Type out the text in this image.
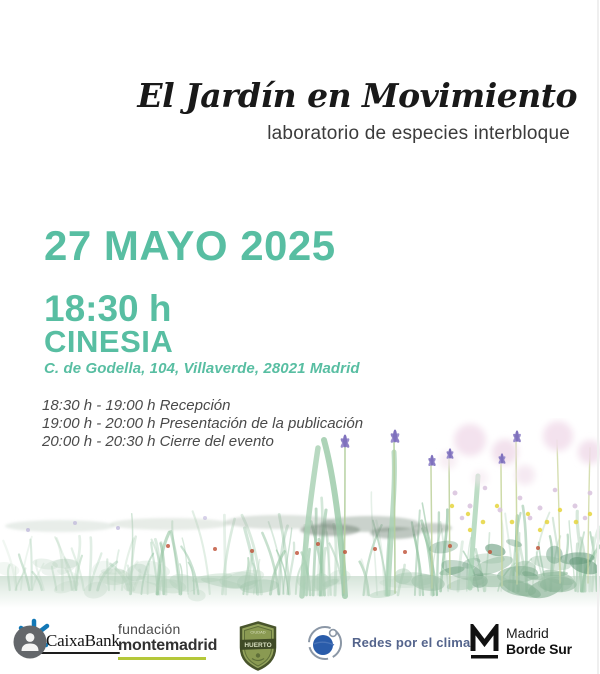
El Jardín en Movimiento
laboratorio de especies interbloque
27 MAYO 2025
18:30 h
CINESIA
C. de Godella, 104, Villaverde, 28021 Madrid
18:30 h - 19:00 h Recepción
19:00 h - 20:00 h Presentación de la publicación
20:00 h - 20:30 h Cierre del evento
CaixaBank
fundación
montemadrid
CIUDAD
HUERTO	Redes por el clima
Madrid
Borde Sur
